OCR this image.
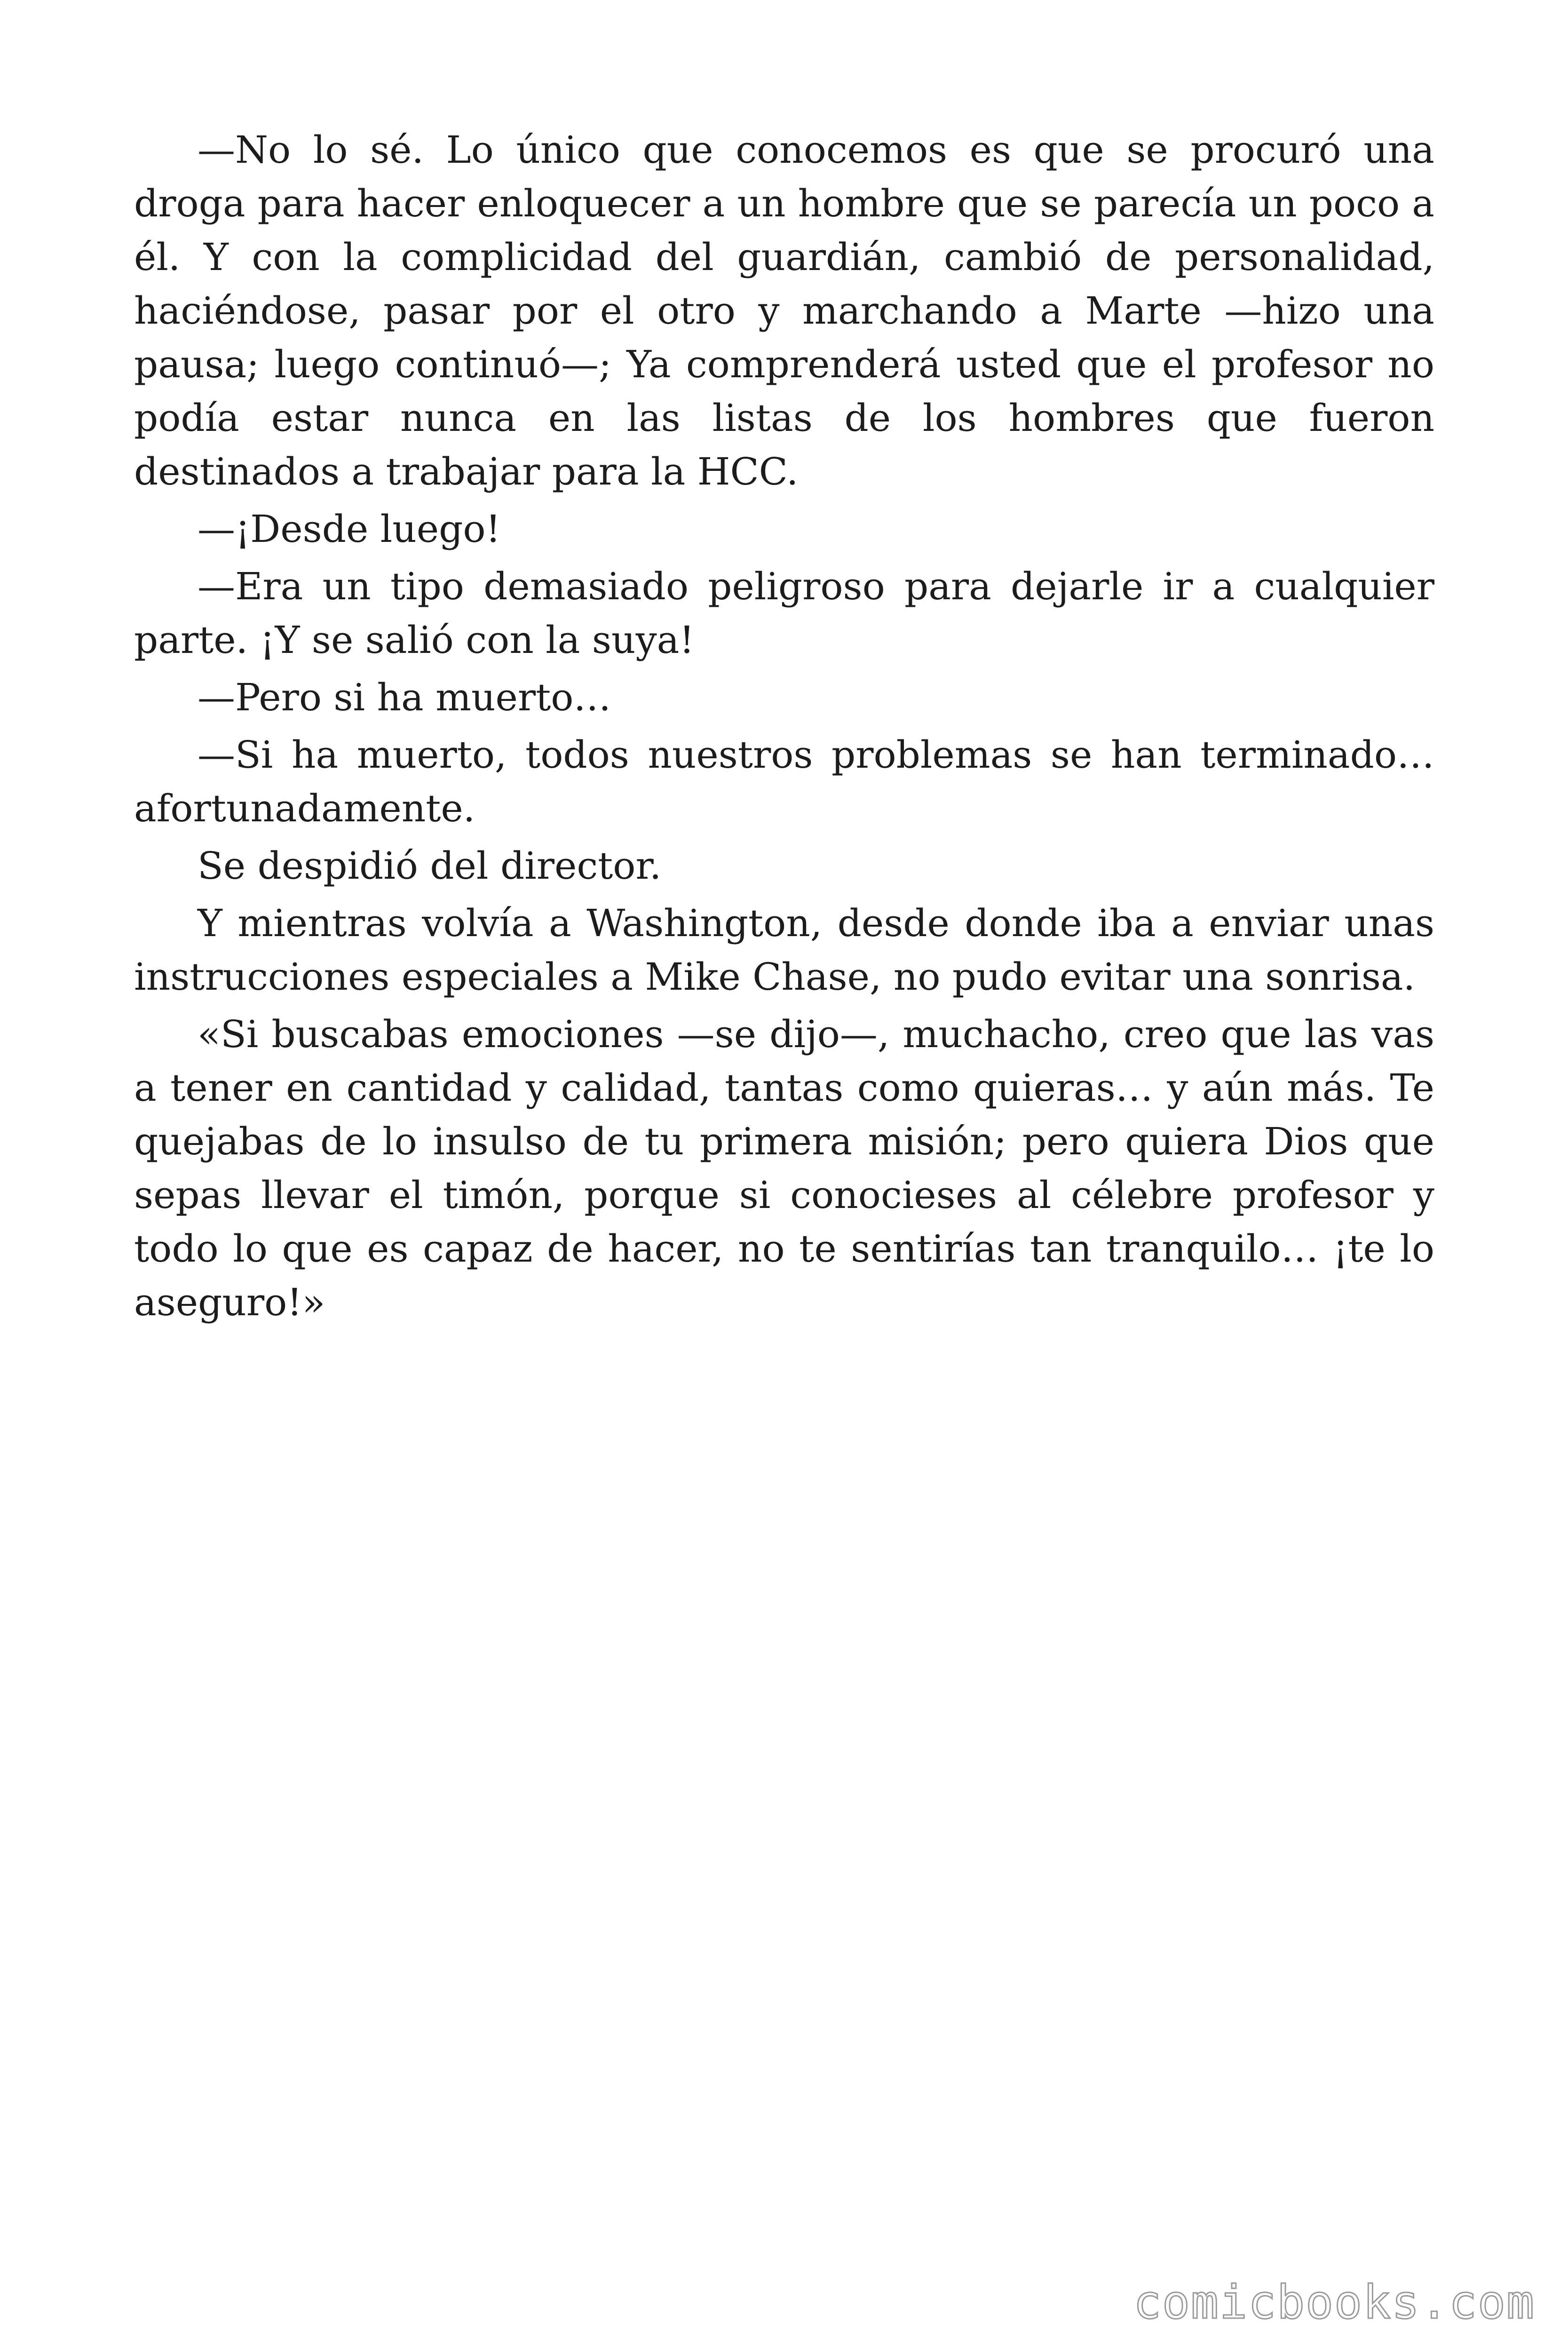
—No lo sé. Lo único que conocemos es que se procuró una droga para hacer enloquecer a un hombre que se parecía un poco a él. Y con la complicidad del guardián, cambió de personalidad, haciéndose, pasar por el otro y marchando a Marte —hizo una pausa; luego continuó—; Ya comprenderá usted que el profesor no podía estar nunca en las listas de los hombres que fueron destinados a trabajar para la HCC.

—¡Desde luego!

—Era un tipo demasiado peligroso para dejarle ir a cualquier parte. ¡Y se salió con la suya!

—Pero si ha muerto…

—Si ha muerto, todos nuestros problemas se han terminado… afortunadamente.

Se despidió del director.

Y mientras volvía a Washington, desde donde iba a enviar unas instrucciones especiales a Mike Chase, no pudo evitar una sonrisa.

«Si buscabas emociones —se dijo—, muchacho, creo que las vas a tener en cantidad y calidad, tantas como quieras… y aún más. Te quejabas de lo insulso de tu primera misión; pero quiera Dios que sepas llevar el timón, porque si conocieses al célebre profesor y todo lo que es capaz de hacer, no te sentirías tan tranquilo… ¡te lo aseguro!»

comicbooks.com
